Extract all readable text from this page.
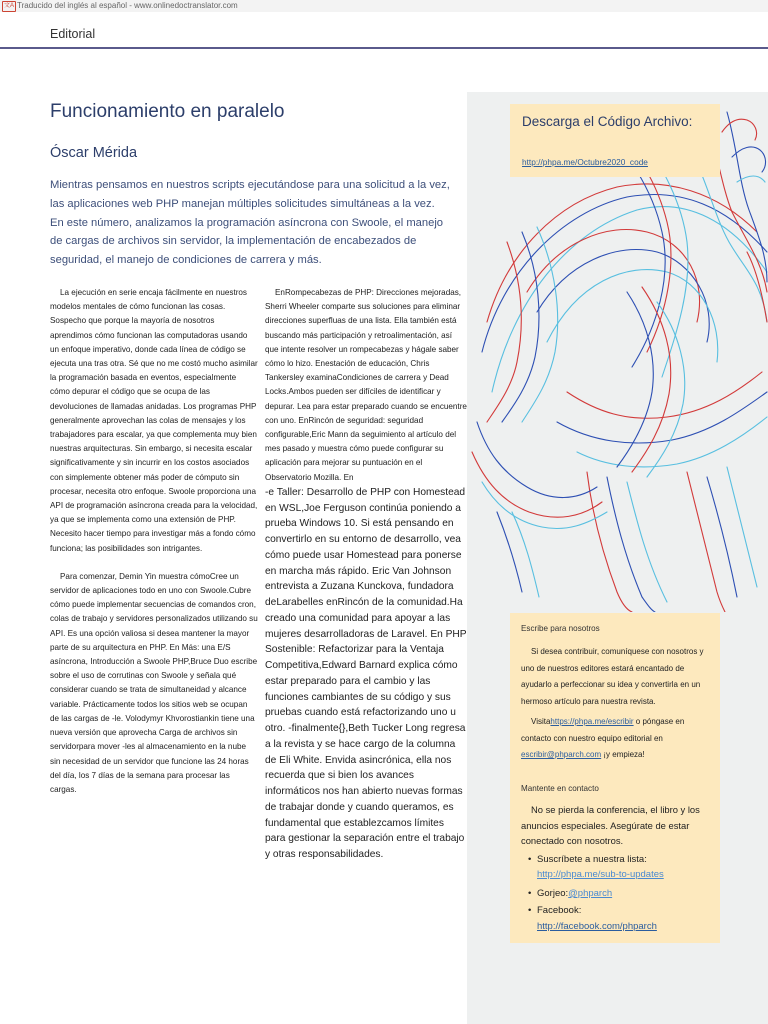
文A Traducido del inglés al español - www.onlinedoctranslator.com
Editorial
Funcionamiento en paralelo
Óscar Mérida
Mientras pensamos en nuestros scripts ejecutándose para una solicitud a la vez, las aplicaciones web PHP manejan múltiples solicitudes simultáneas a la vez. En este número, analizamos la programación asíncrona con Swoole, el manejo de cargas de archivos sin servidor, la implementación de encabezados de seguridad, el manejo de condiciones de carrera y más.

La ejecución en serie encaja fácilmente en nuestros modelos mentales de cómo funcionan las cosas. Sospecho que porque la mayoría de nosotros aprendimos cómo funcionan las computadoras usando un enfoque imperativo, donde cada línea de código se ejecuta una tras otra. Sé que no me costó mucho asimilar la programación basada en eventos, especialmente cómo depurar el código que se ocupa de las devoluciones de llamadas anidadas. Los programas PHP generalmente aprovechan las colas de mensajes y los trabajadores para escalar, ya que complementa muy bien nuestras arquitecturas. Sin embargo, si necesita escalar significativamente y sin incurrir en los costos asociados con simplemente obtener más poder de cómputo sin procesar, necesita otro enfoque. Swoole proporciona una API de programación asíncrona creada para la velocidad, ya que se implementa como una extensión de PHP. Necesito hacer tiempo para investigar más a fondo cómo funciona; las posibilidades son intrigantes.

Para comenzar, Demin Yin muestra cómoCree un servidor de aplicaciones todo en uno con Swoole.Cubre cómo puede implementar secuencias de comandos cron, colas de trabajo y servidores personalizados utilizando su API. Es una opción valiosa si desea mantener la mayor parte de su arquitectura en PHP. En Más: una E/S asíncrona, Introducción a Swoole PHP,Bruce Duo escribe sobre el uso de corrutinas con Swoole y señala qué considerar cuando se trata de simultaneidad y alcance variable. Prácticamente todos los sitios web se ocupan de las cargas de -le. Volodymyr Khvorostiankin tiene una nueva versión que aprovecha Carga de archivos sin servidorpara mover -les al almacenamiento en la nube sin necesidad de un servidor que funcione las 24 horas del día, los 7 días de la semana para procesar las cargas.

EnRompecabezas de PHP: Direcciones mejoradas, Sherri Wheeler comparte sus soluciones para eliminar direcciones superfluas de una lista. Ella también está buscando más participación y retroalimentación, así que intente resolver un rompecabezas y hágale saber cómo lo hizo. Enestación de educación, Chris Tankersley examinaCondiciones de carrera y Dead Locks.Ambos pueden ser difíciles de identificar y depurar. Lea para estar preparado cuando se encuentre con uno. EnRincón de seguridad: seguridad configurable,Eric Mann da seguimiento al artículo del mes pasado y muestra cómo puede configurar su aplicación para mejorar su puntuación en el Observatorio Mozilla. En

-e Taller: Desarrollo de PHP con Homestead en WSL,Joe Ferguson continúa poniendo a prueba Windows 10. Si está pensando en convertirlo en su entorno de desarrollo, vea cómo puede usar Homestead para ponerse en marcha más rápido. Eric Van Johnson entrevista a Zuzana Kunckova, fundadora deLarabelles enRincón de la comunidad.Ha creado una comunidad para apoyar a las mujeres desarrolladoras de Laravel. En PHP Sostenible: Refactorizar para la Ventaja Competitiva,Edward Barnard explica cómo estar preparado para el cambio y las funciones cambiantes de su código y sus pruebas cuando está refactorizando uno u otro. -finalmente{},Beth Tucker Long regresa a la revista y se hace cargo de la columna de Eli White. Envida asincrónica, ella nos recuerda que si bien los avances informáticos nos han abierto nuevas formas de trabajar donde y cuando queramos, es fundamental que establezcamos límites para gestionar la separación entre el trabajo y otras responsabilidades.

Descarga el Código Archivo:
http://phpa.me/Octubre2020_code
Escribe para nosotros

Si desea contribuir, comuníquese con nosotros y uno de nuestros editores estará encantado de ayudarlo a perfeccionar su idea y convertirla en un hermoso artículo para nuestra revista.

Visitahttps://phpa.me/escribir o póngase en contacto con nuestro equipo editorial en escribir@phparch.com ¡y empieza!

Mantente en contacto

No se pierda la conferencia, el libro y los anuncios especiales. Asegúrate de estar conectado con nosotros.

• Suscríbete a nuestra lista: http://phpa.me/sub-to-updates
• Gorjeo:@phparch
• Facebook:
http://facebook.com/phparch
